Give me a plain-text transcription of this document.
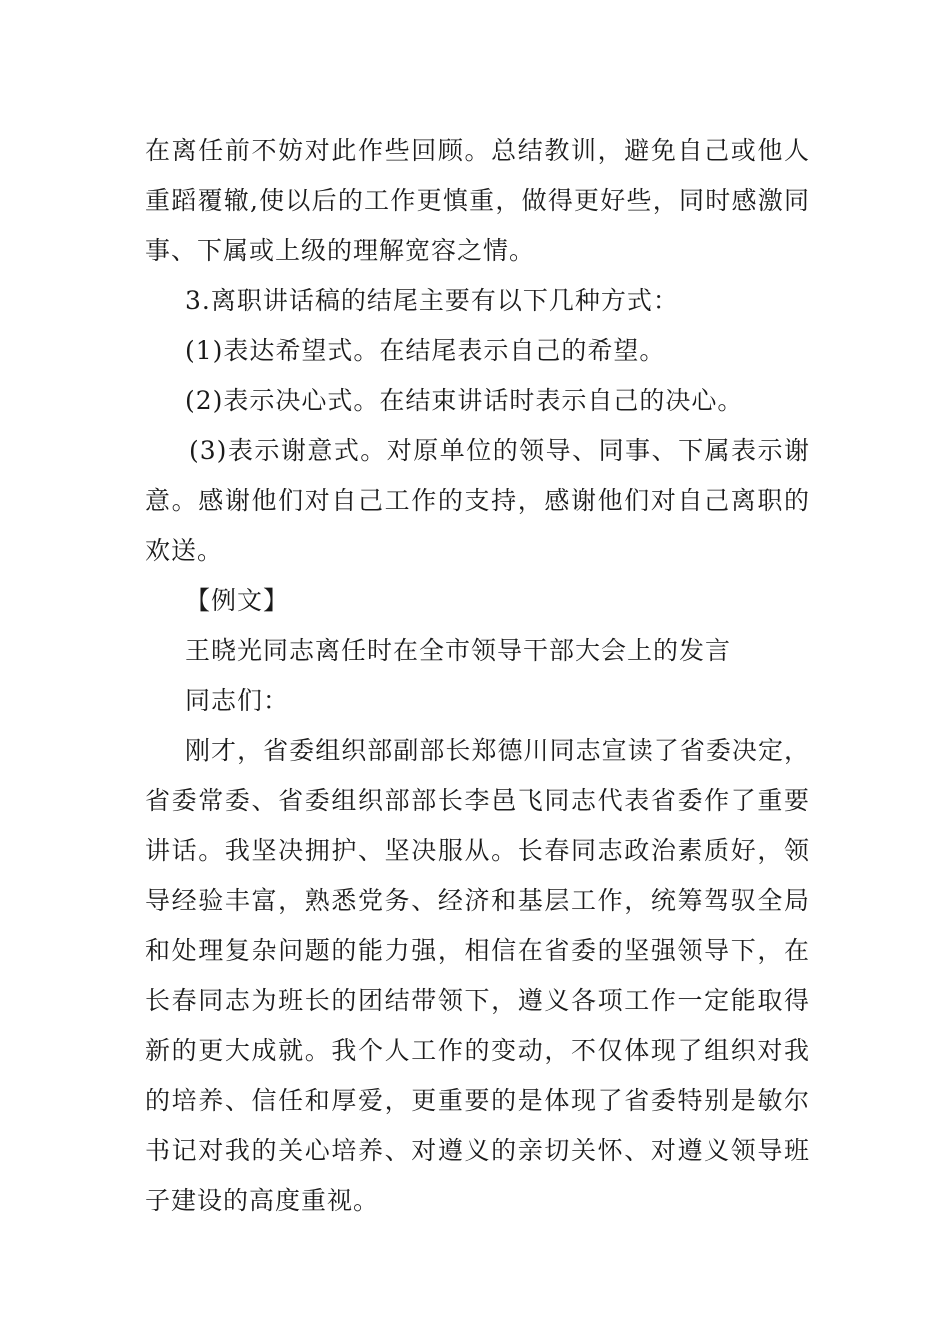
在离任前不妨对此作些回顾。总结教训，避免自己或他人重蹈覆辙,使以后的工作更慎重，做得更好些，同时感激同事、下属或上级的理解宽容之情。

3.离职讲话稿的结尾主要有以下几种方式：

(1)表达希望式。在结尾表示自己的希望。

(2)表示决心式。在结束讲话时表示自己的决心。

(3)表示谢意式。对原单位的领导、同事、下属表示谢意。感谢他们对自己工作的支持，感谢他们对自己离职的欢送。

【例文】

王晓光同志离任时在全市领导干部大会上的发言

同志们：

刚才，省委组织部副部长郑德川同志宣读了省委决定，省委常委、省委组织部部长李邑飞同志代表省委作了重要讲话。我坚决拥护、坚决服从。长春同志政治素质好，领导经验丰富，熟悉党务、经济和基层工作，统筹驾驭全局和处理复杂问题的能力强，相信在省委的坚强领导下，在长春同志为班长的团结带领下，遵义各项工作一定能取得新的更大成就。我个人工作的变动，不仅体现了组织对我的培养、信任和厚爱，更重要的是体现了省委特别是敏尔书记对我的关心培养、对遵义的亲切关怀、对遵义领导班子建设的高度重视。
